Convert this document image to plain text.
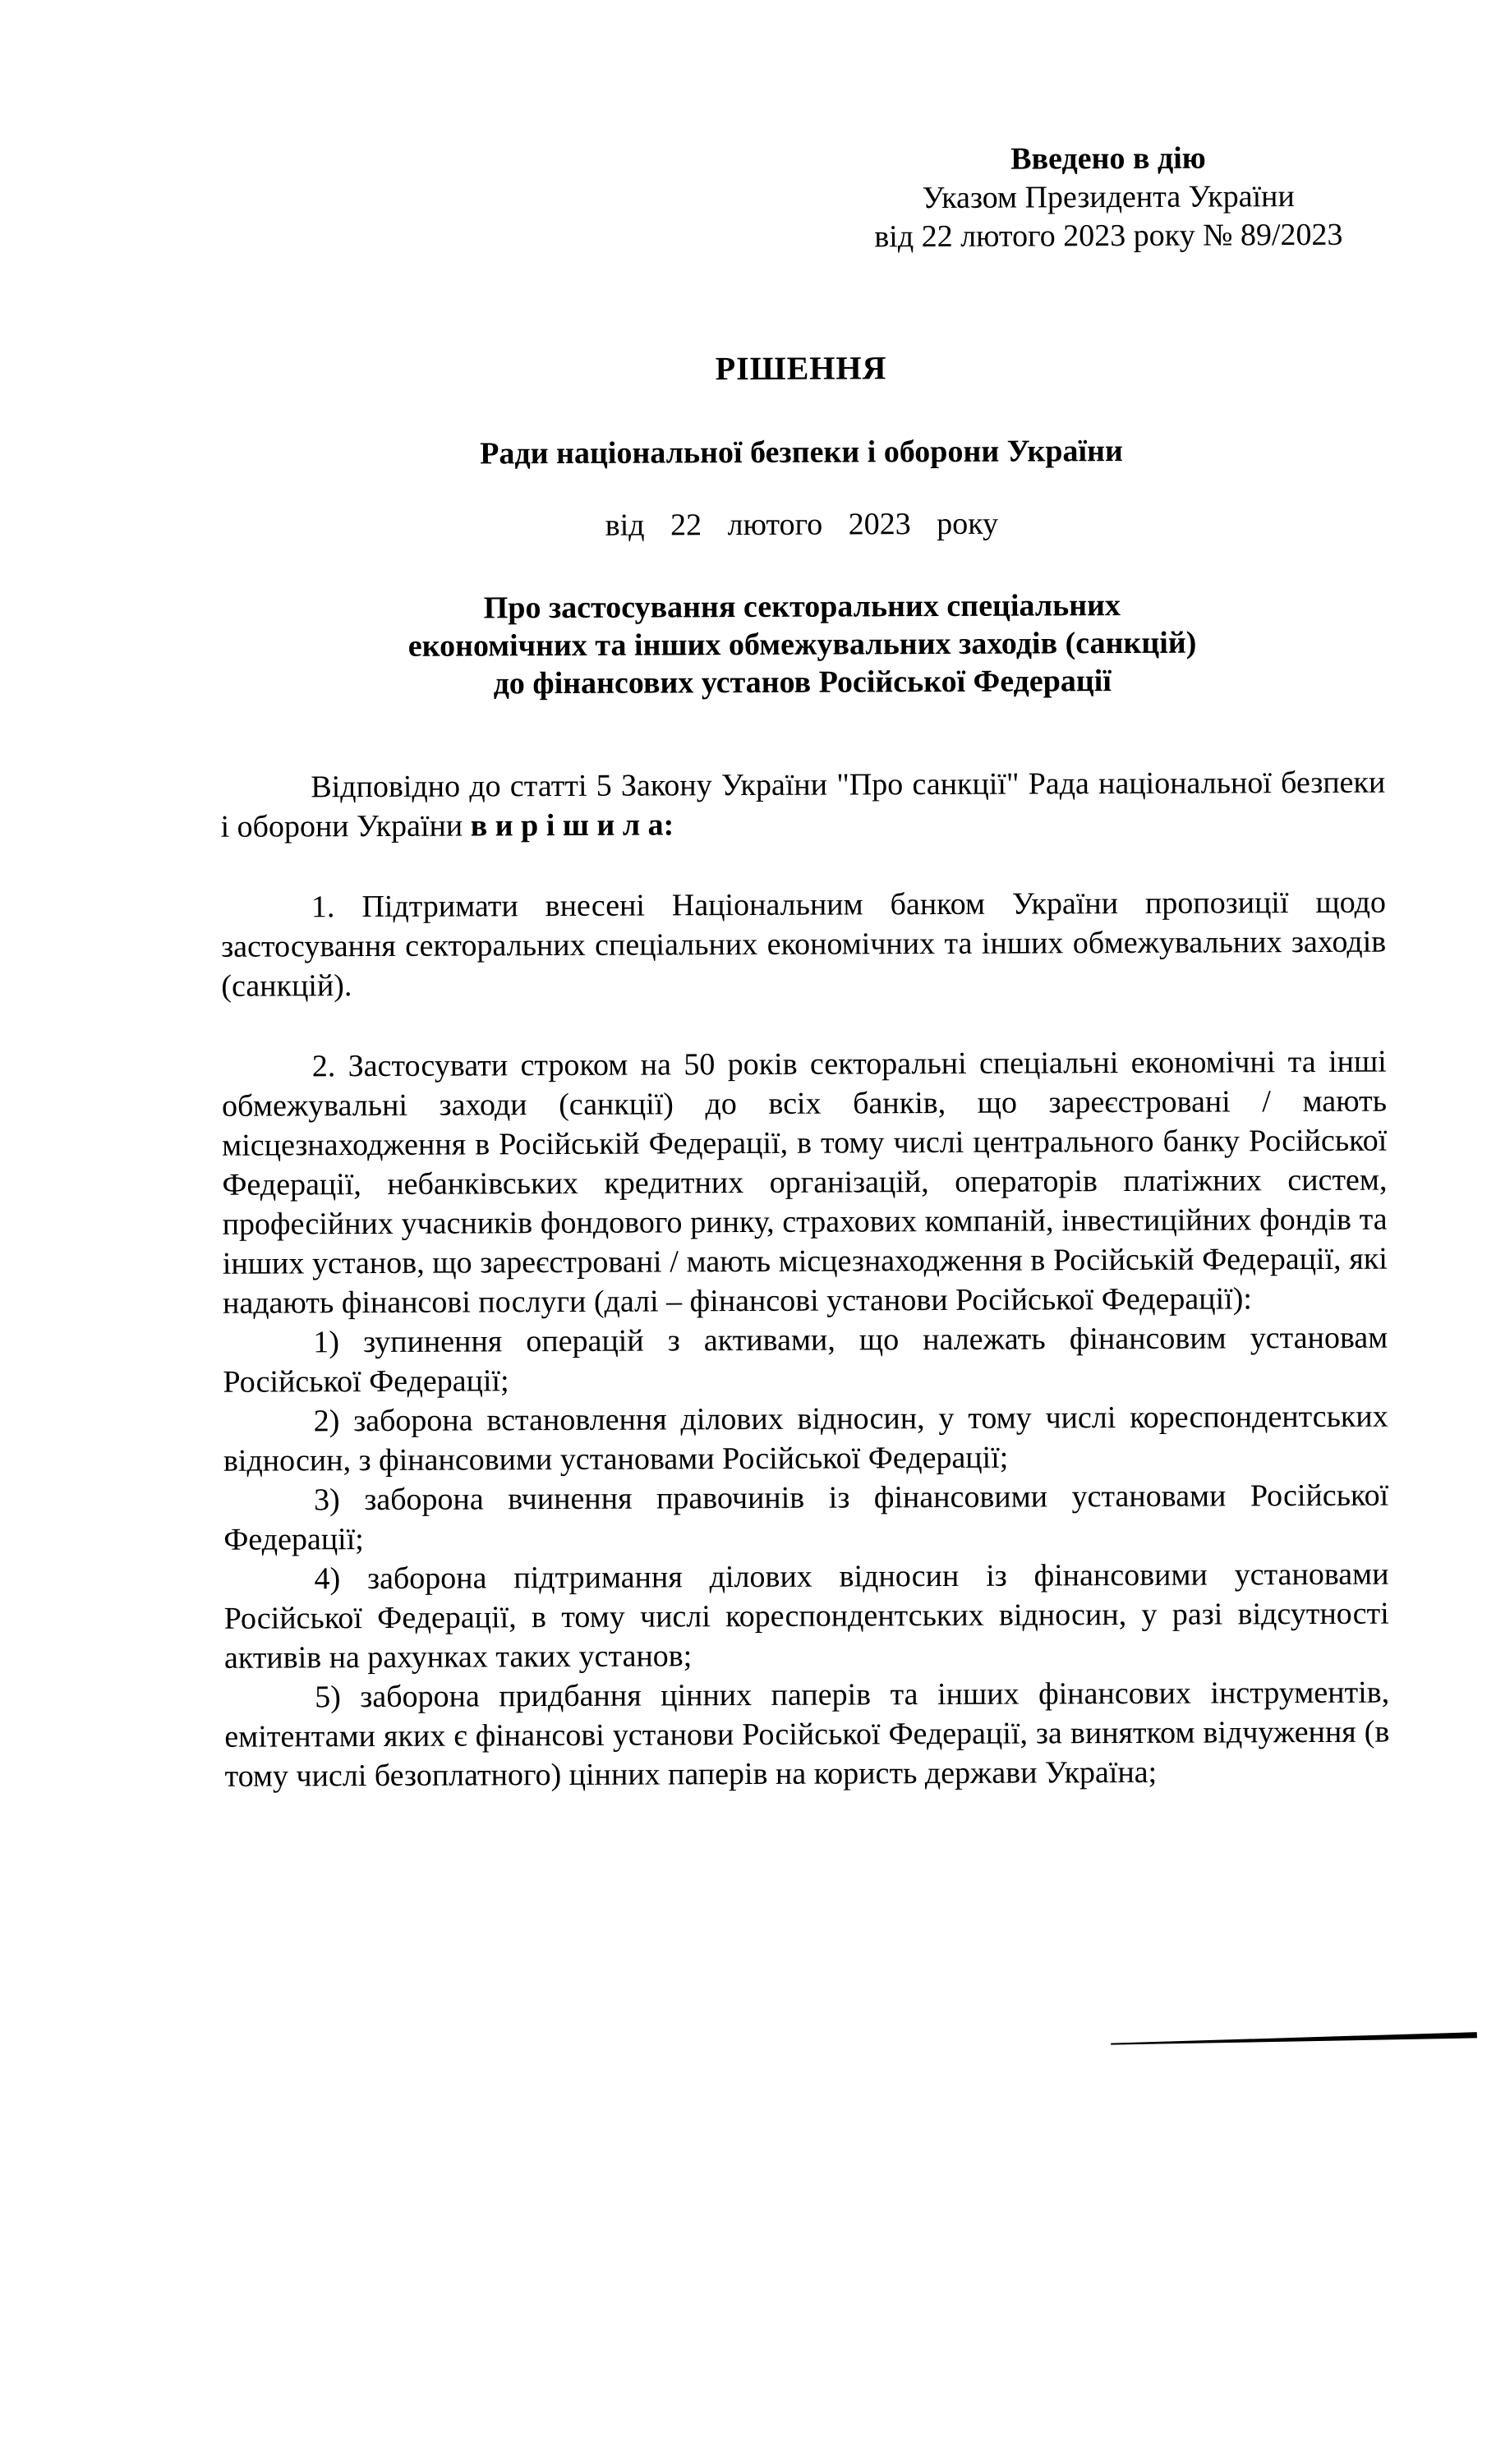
Введено в дію
Указом Президента України
від 22 лютого 2023 року № 89/2023
РІШЕННЯ
Ради національної безпеки і оборони України
від 22 лютого 2023 року
Про застосування секторальних спеціальних
економічних та інших обмежувальних заходів (санкцій)
до фінансових установ Російської Федерації

Відповідно до статті 5 Закону України "Про санкції" Рада національної безпеки і оборони України в и р і ш и л а:

1. Підтримати внесені Національним банком України пропозиції щодо застосування секторальних спеціальних економічних та інших обмежувальних заходів (санкцій).

2. Застосувати строком на 50 років секторальні спеціальні економічні та інші обмежувальні заходи (санкції) до всіх банків, що зареєстровані / мають місцезнаходження в Російській Федерації, в тому числі центрального банку Російської Федерації, небанківських кредитних організацій, операторів платіжних систем, професійних учасників фондового ринку, страхових компаній, інвестиційних фондів та інших установ, що зареєстровані / мають місцезнаходження в Російській Федерації, які надають фінансові послуги (далі – фінансові установи Російської Федерації):

1) зупинення операцій з активами, що належать фінансовим установам Російської Федерації;

2) заборона встановлення ділових відносин, у тому числі кореспондентських відносин, з фінансовими установами Російської Федерації;

3) заборона вчинення правочинів із фінансовими установами Російської Федерації;

4) заборона підтримання ділових відносин із фінансовими установами Російської Федерації, в тому числі кореспондентських відносин, у разі відсутності активів на рахунках таких установ;

5) заборона придбання цінних паперів та інших фінансових інструментів, емітентами яких є фінансові установи Російської Федерації, за винятком відчуження (в тому числі безоплатного) цінних паперів на користь держави Україна;
